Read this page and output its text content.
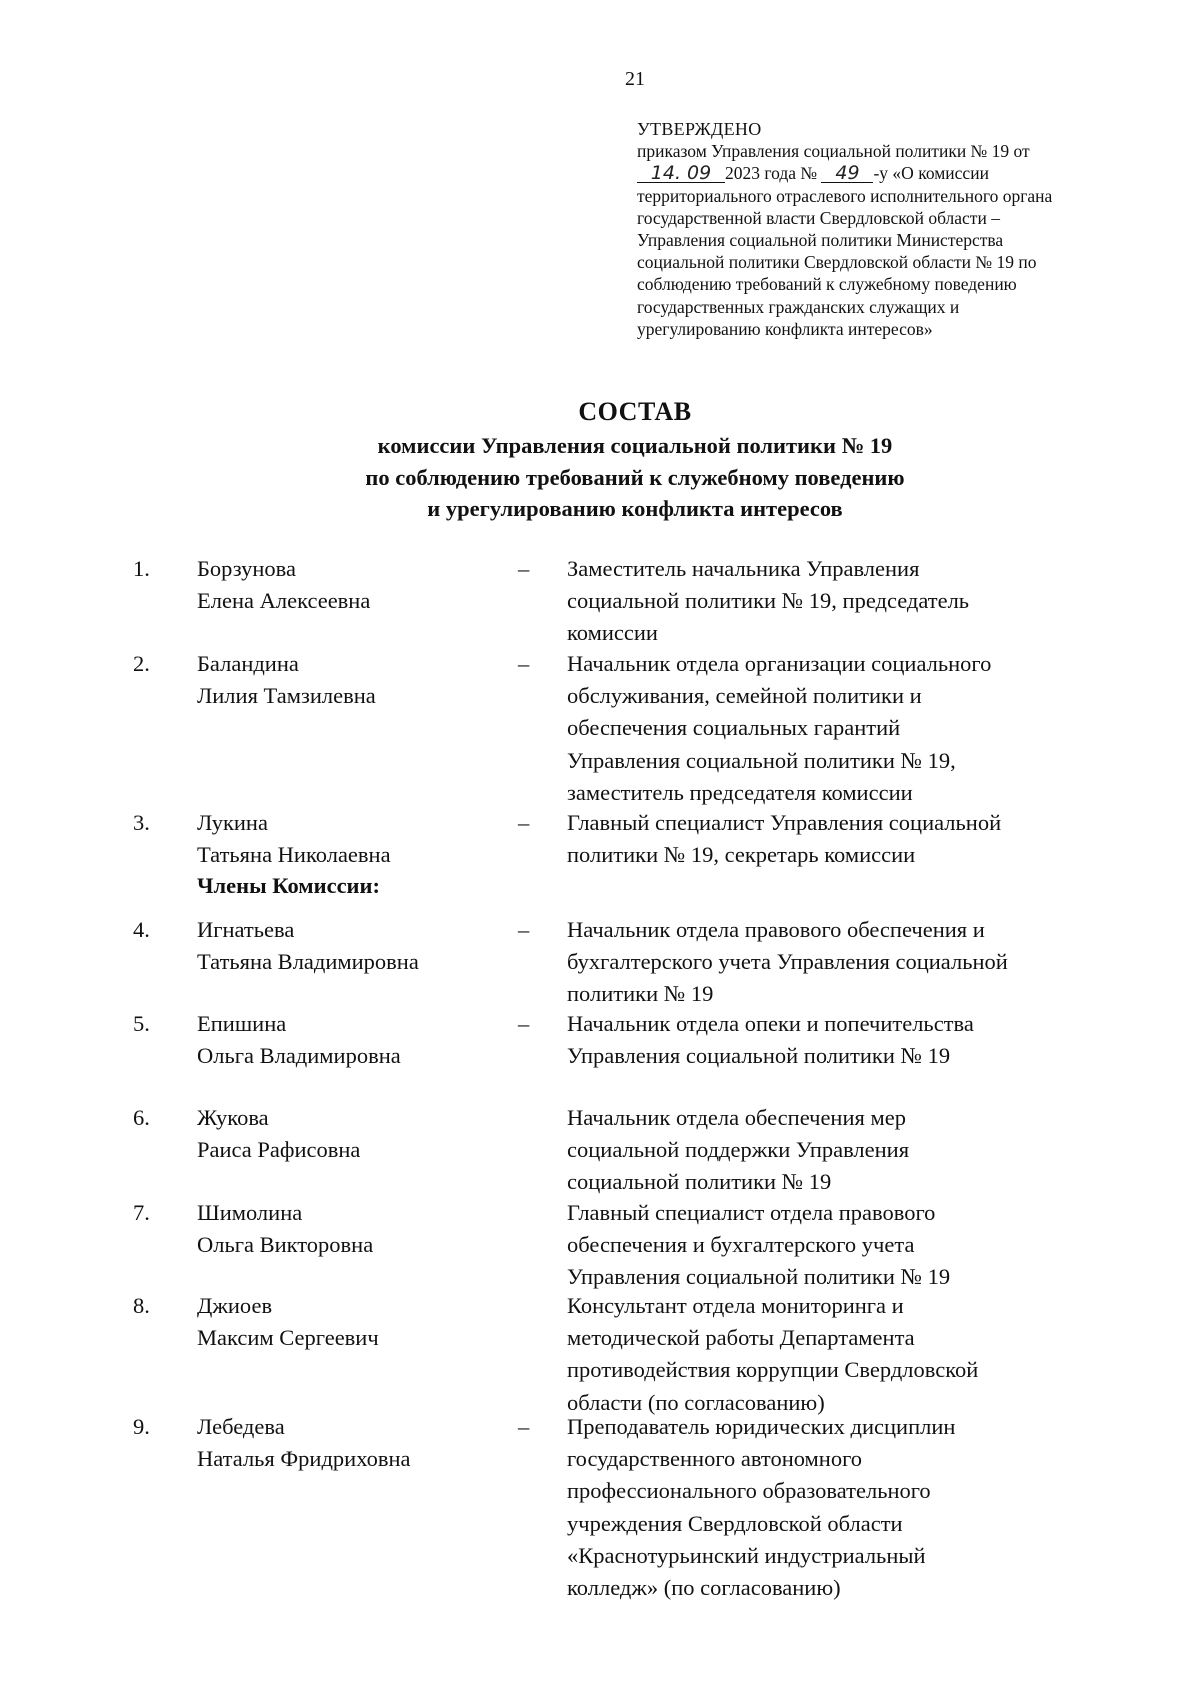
21
УТВЕРЖДЕНО
приказом Управления социальной политики № 19 от
14. 09 2023 года № 49 -у «О комиссии
территориального отраслевого исполнительного органа
государственной власти Свердловской области –
Управления социальной политики Министерства
социальной политики Свердловской области № 19 по
соблюдению требований к служебному поведению
государственных гражданских служащих и
урегулированию конфликта интересов»
СОСТАВ
комиссии Управления социальной политики № 19
по соблюдению требований к служебному поведению
и урегулированию конфликта интересов
Члены Комиссии:
1.	Борзунова
Елена Алексеевна
–	Заместитель начальника Управления
социальной политики № 19, председатель
комиссии
2.	Баландина
Лилия Тамзилевна
–	Начальник отдела организации социального
обслуживания, семейной политики и
обеспечения социальных гарантий
Управления социальной политики № 19,
заместитель председателя комиссии
3.	Лукина
Татьяна Николаевна
–	Главный специалист Управления социальной
политики № 19, секретарь комиссии
4.	Игнатьева
Татьяна Владимировна
–	Начальник отдела правового обеспечения и
бухгалтерского учета Управления социальной
политики № 19
5.	Епишина
Ольга Владимировна
–	Начальник отдела опеки и попечительства
Управления социальной политики № 19
6.	Жукова
Раиса Рафисовна
Начальник отдела обеспечения мер
социальной поддержки Управления
социальной политики № 19
7.	Шимолина
Ольга Викторовна
Главный специалист отдела правового
обеспечения и бухгалтерского учета
Управления социальной политики № 19
8.	Джиоев
Максим Сергеевич
Консультант отдела мониторинга и
методической работы Департамента
противодействия коррупции Свердловской
области (по согласованию)
9.	Лебедева
Наталья Фридриховна
–	Преподаватель юридических дисциплин
государственного автономного
профессионального образовательного
учреждения Свердловской области
«Краснотурьинский индустриальный
колледж» (по согласованию)
